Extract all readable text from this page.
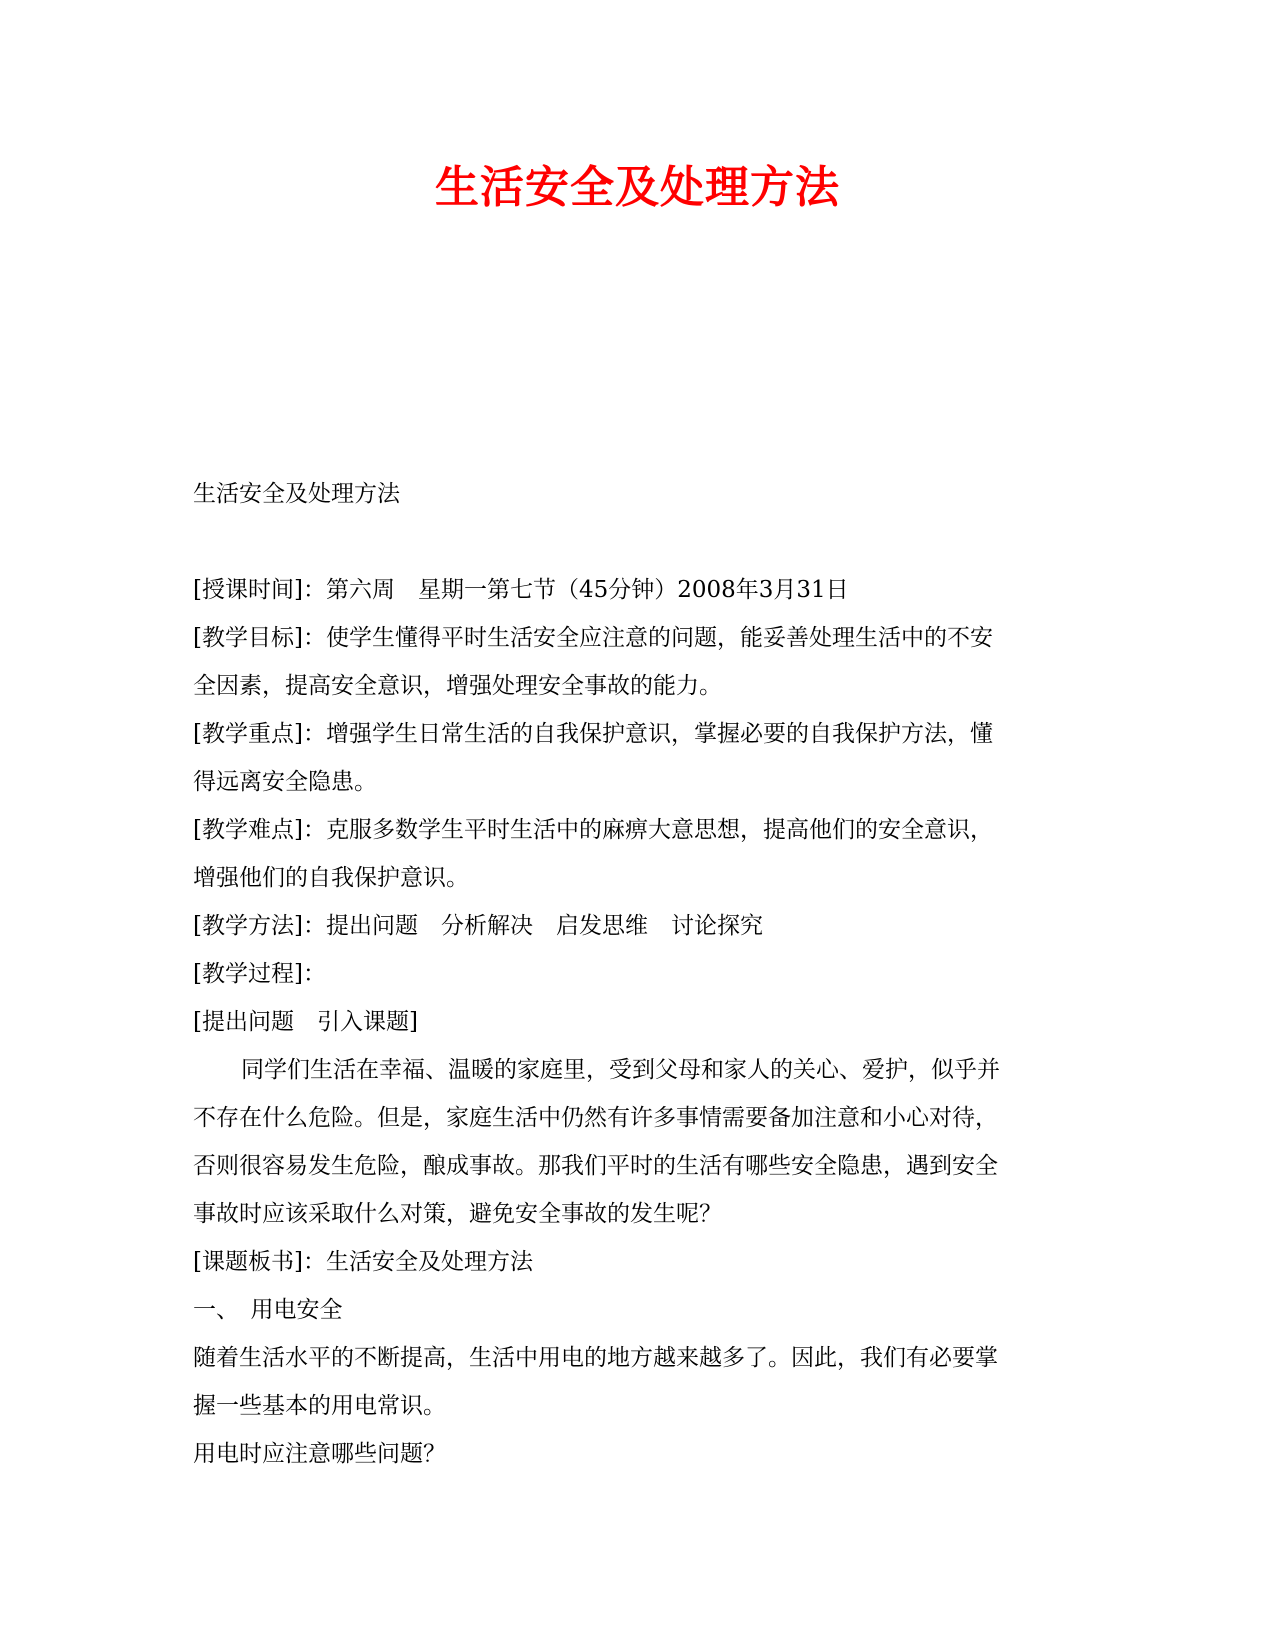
生活安全及处理方法
生活安全及处理方法
[授课时间]：第六周　星期一第七节（45分钟）2008年3月31日
[教学目标]：使学生懂得平时生活安全应注意的问题，能妥善处理生活中的不安
全因素，提高安全意识，增强处理安全事故的能力。
[教学重点]：增强学生日常生活的自我保护意识，掌握必要的自我保护方法，懂
得远离安全隐患。
[教学难点]：克服多数学生平时生活中的麻痹大意思想，提高他们的安全意识，
增强他们的自我保护意识。
[教学方法]：提出问题　分析解决　启发思维　讨论探究
[教学过程]：
[提出问题　引入课题]
同学们生活在幸福、温暖的家庭里，受到父母和家人的关心、爱护，似乎并
不存在什么危险。但是，家庭生活中仍然有许多事情需要备加注意和小心对待，
否则很容易发生危险，酿成事故。那我们平时的生活有哪些安全隐患，遇到安全
事故时应该采取什么对策，避免安全事故的发生呢？
[课题板书]：生活安全及处理方法
一、　用电安全
随着生活水平的不断提高，生活中用电的地方越来越多了。因此，我们有必要掌
握一些基本的用电常识。
用电时应注意哪些问题？
